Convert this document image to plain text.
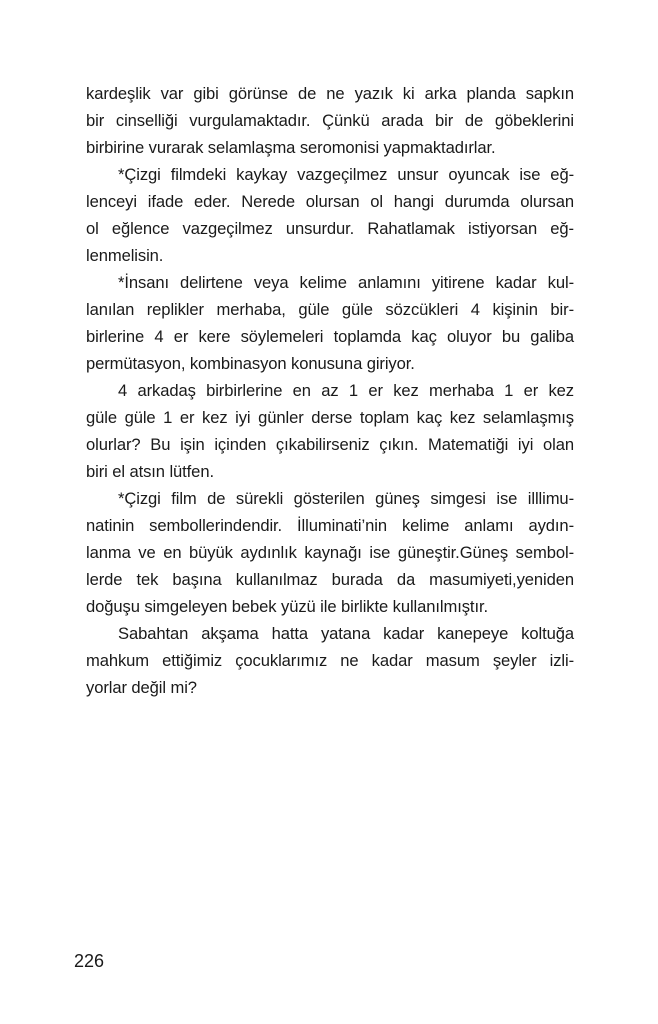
kardeşlik var gibi görünse de ne yazık ki arka planda sapkın
bir cinselliği vurgulamaktadır. Çünkü arada bir de göbeklerini
birbirine vurarak selamlaşma seromonisi yapmaktadırlar.
*Çizgi filmdeki kaykay vazgeçilmez unsur oyuncak ise eğ-
lenceyi ifade eder. Nerede olursan ol hangi durumda olursan
ol eğlence vazgeçilmez unsurdur. Rahatlamak istiyorsan eğ-
lenmelisin.
*İnsanı delirtene veya kelime anlamını yitirene kadar kul-
lanılan replikler merhaba, güle güle sözcükleri 4 kişinin bir-
birlerine 4 er kere söylemeleri toplamda kaç oluyor bu galiba
permütasyon, kombinasyon konusuna giriyor.
4 arkadaş birbirlerine en az 1 er kez merhaba 1 er kez
güle güle 1 er kez iyi günler derse toplam kaç kez selamlaşmış
olurlar? Bu işin içinden çıkabilirseniz çıkın. Matematiği iyi olan
biri el atsın lütfen.
*Çizgi film de sürekli gösterilen güneş simgesi ise illlimu-
natinin sembollerindendir. İlluminati’nin kelime anlamı aydın-
lanma ve en büyük aydınlık kaynağı ise güneştir.Güneş sembol-
lerde tek başına kullanılmaz burada da masumiyeti,yeniden
doğuşu simgeleyen bebek yüzü ile birlikte kullanılmıştır.
Sabahtan akşama hatta yatana kadar kanepeye koltuğa
mahkum ettiğimiz çocuklarımız ne kadar masum şeyler izli-
yorlar değil mi?
226
